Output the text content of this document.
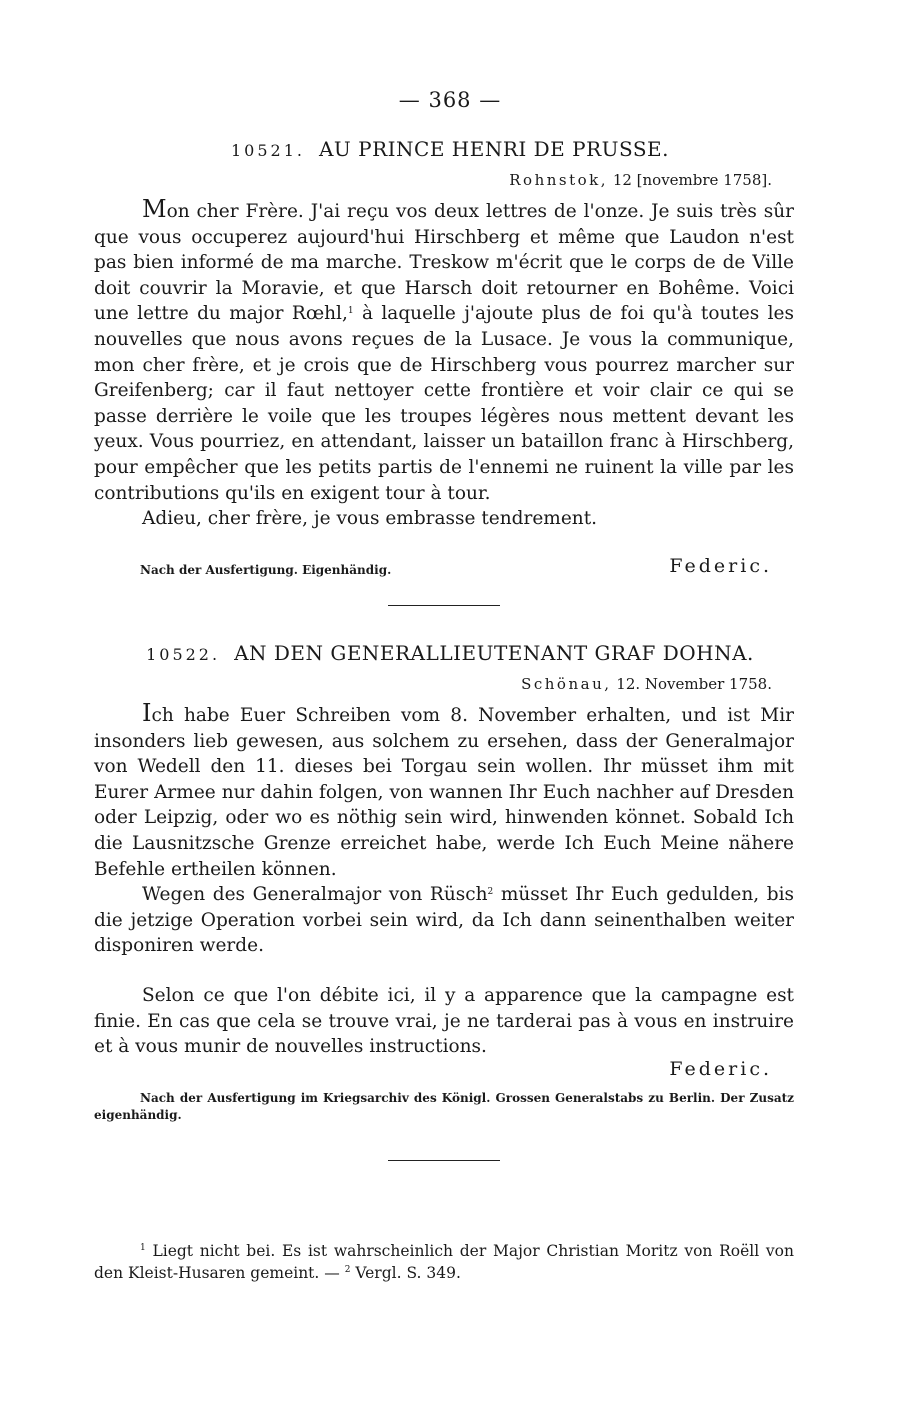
— 368 —
10521. AU PRINCE HENRI DE PRUSSE.
Rohnstok, 12 [novembre 1758].

Mon cher Frère. J'ai reçu vos deux lettres de l'onze. Je suis très sûr que vous occuperez aujourd'hui Hirschberg et même que Laudon n'est pas bien informé de ma marche. Treskow m'écrit que le corps de de Ville doit couvrir la Moravie, et que Harsch doit retourner en Bohême. Voici une lettre du major Rœhl,$^1$ à laquelle j'ajoute plus de foi qu'à toutes les nouvelles que nous avons reçues de la Lusace. Je vous la communique, mon cher frère, et je crois que de Hirschberg vous pourrez marcher sur Greifenberg; car il faut nettoyer cette frontière et voir clair ce qui se passe derrière le voile que les troupes légères nous mettent devant les yeux. Vous pourriez, en attendant, laisser un bataillon franc à Hirschberg, pour empêcher que les petits partis de l'ennemi ne ruinent la ville par les contributions qu'ils en exigent tour à tour.

Adieu, cher frère, je vous embrasse tendrement.

Nach der Ausfertigung. Eigenhändig.	Federic.
10522. AN DEN GENERALLIEUTENANT GRAF DOHNA.
Schönau, 12. November 1758.

Ich habe Euer Schreiben vom 8. November erhalten, und ist Mir insonders lieb gewesen, aus solchem zu ersehen, dass der Generalmajor von Wedell den 11. dieses bei Torgau sein wollen. Ihr müsset ihm mit Eurer Armee nur dahin folgen, von wannen Ihr Euch nachher auf Dresden oder Leipzig, oder wo es nöthig sein wird, hinwenden könnet. Sobald Ich die Lausnitzsche Grenze erreichet habe, werde Ich Euch Meine nähere Befehle ertheilen können.

Wegen des Generalmajor von Rüsch$^2$ müsset Ihr Euch gedulden, bis die jetzige Operation vorbei sein wird, da Ich dann seinenthalben weiter disponiren werde.

Selon ce que l'on débite ici, il y a apparence que la campagne est finie. En cas que cela se trouve vrai, je ne tarderai pas à vous en instruire et à vous munir de nouvelles instructions.

Federic.
Nach der Ausfertigung im Kriegsarchiv des Königl. Grossen Generalstabs zu Berlin. Der Zusatz eigenhändig.

$^1$ Liegt nicht bei. Es ist wahrscheinlich der Major Christian Moritz von Roëll von den Kleist-Husaren gemeint. — $^2$ Vergl. S. 349.
